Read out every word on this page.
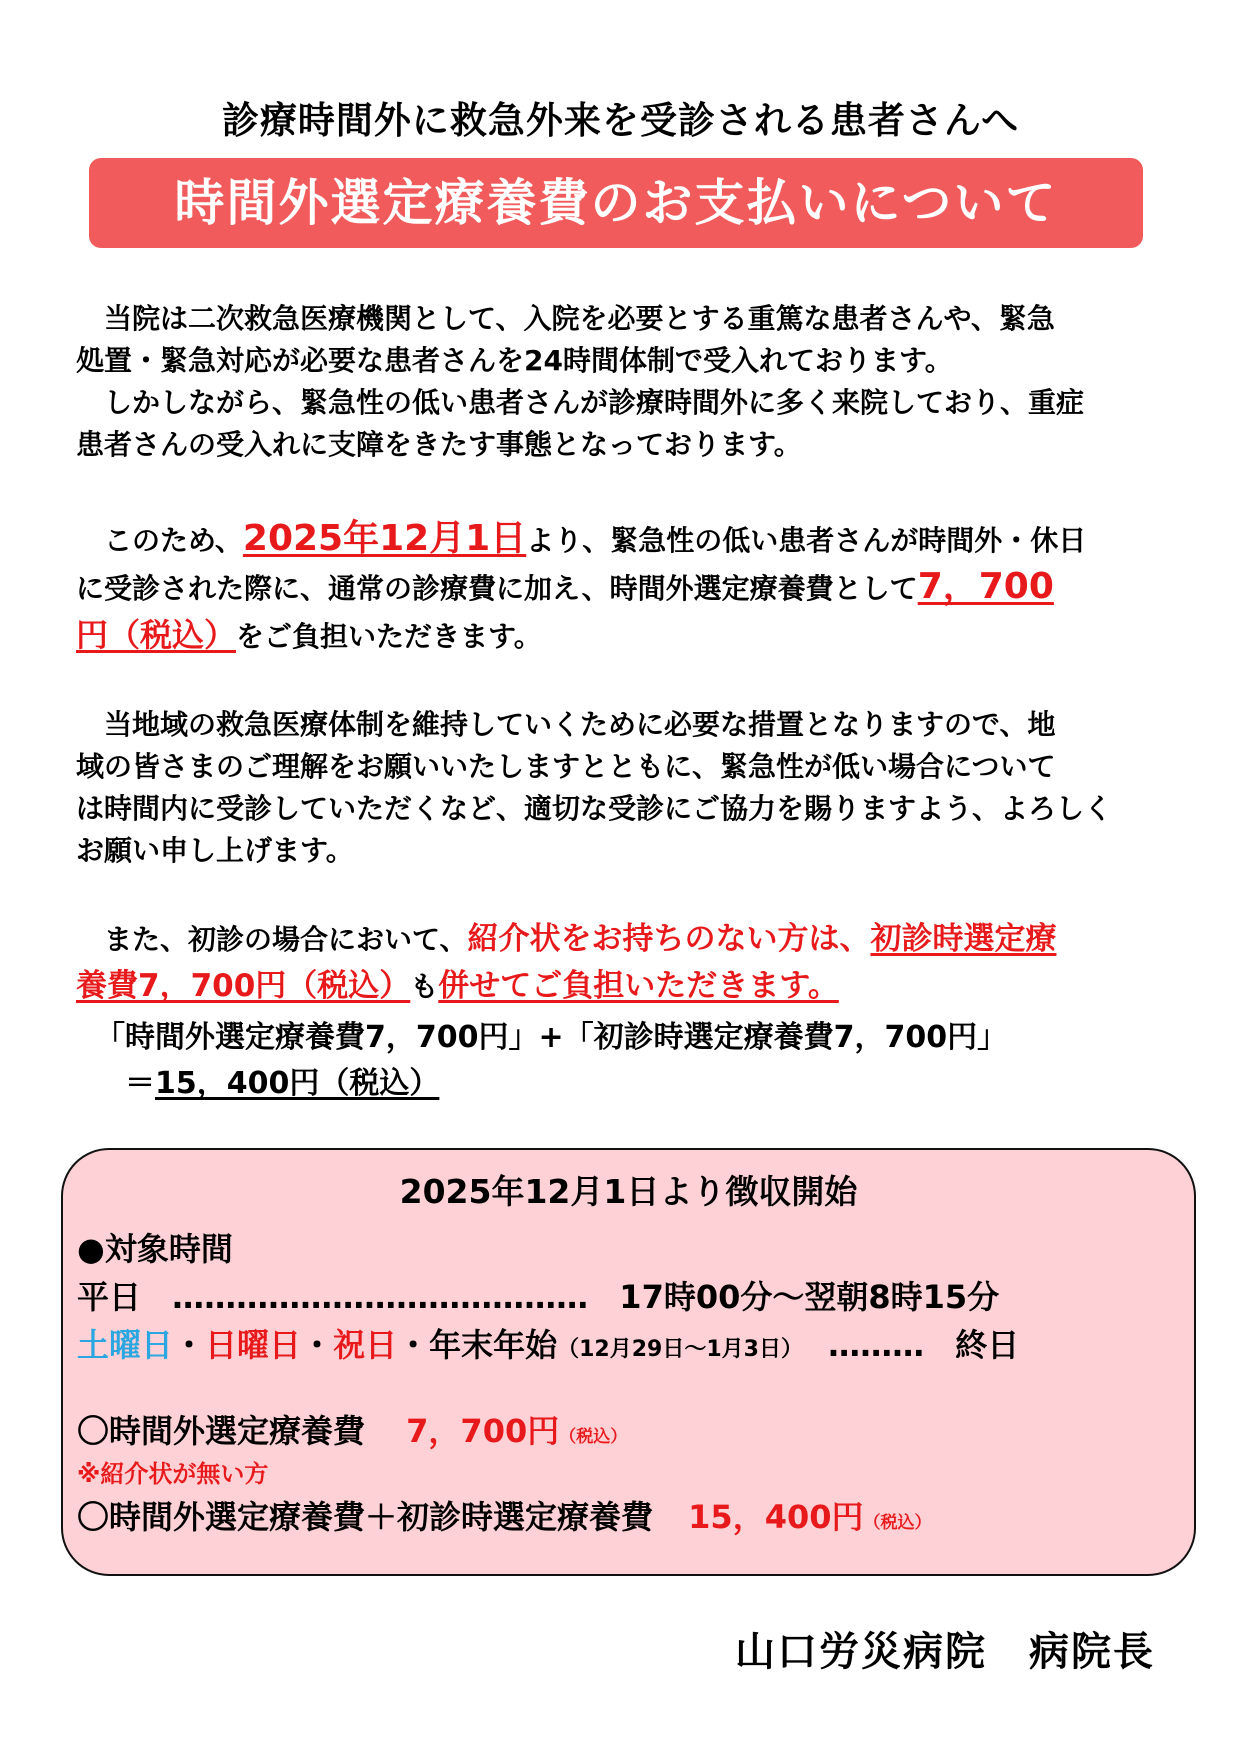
診療時間外に救急外来を受診される患者さんへ
時間外選定療養費のお支払いについて

　当院は二次救急医療機関として、入院を必要とする重篤な患者さんや、緊急
処置・緊急対応が必要な患者さんを24時間体制で受入れております。
　しかしながら、緊急性の低い患者さんが診療時間外に多く来院しており、重症
患者さんの受入れに支障をきたす事態となっております。

　このため、2025年12月1日より、緊急性の低い患者さんが時間外・休日
に受診された際に、通常の診療費に加え、時間外選定療養費として7，700
円（税込）をご負担いただきます。

　当地域の救急医療体制を維持していくために必要な措置となりますので、地
域の皆さまのご理解をお願いいたしますとともに、緊急性が低い場合について
は時間内に受診していただくなど、適切な受診にご協力を賜りますよう、よろしく
お願い申し上げます。

　また、初診の場合において、紹介状をお持ちのない方は、初診時選定療
養費7，700円（税込）も併せてご負担いただきます。

「時間外選定療養費7，700円」+「初診時選定療養費7，700円」

　＝15，400円（税込）

2025年12月1日より徴収開始
●対象時間
平日 ………………………………… 17時00分～翌朝8時15分
土曜日・日曜日・祝日・年末年始（12月29日～1月3日） ……… 終日
〇時間外選定療養費 7，700円（税込）
※紹介状が無い方
〇時間外選定療養費＋初診時選定療養費 15，400円（税込）
山口労災病院　病院長
